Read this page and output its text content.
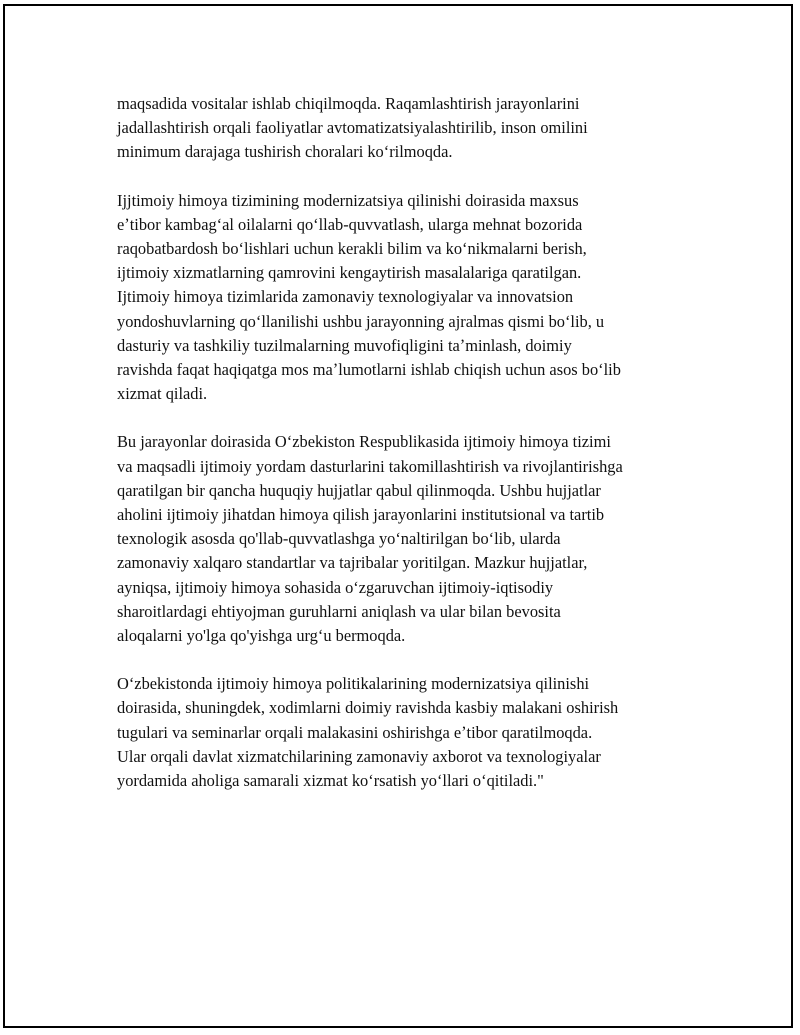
maqsadida vositalar ishlab chiqilmoqda. Raqamlashtirish jarayonlarini
jadallashtirish orqali faoliyatlar avtomatizatsiyalashtirilib, inson omilini
minimum darajaga tushirish choralari koʻrilmoqda.

Ijjtimoiy himoya tizimining modernizatsiya qilinishi doirasida maxsus
eʼtibor kambagʻal oilalarni qoʻllab-quvvatlash, ularga mehnat bozorida
raqobatbardosh boʻlishlari uchun kerakli bilim va koʻnikmalarni berish,
ijtimoiy xizmatlarning qamrovini kengaytirish masalalariga qaratilgan.
Ijtimoiy himoya tizimlarida zamonaviy texnologiyalar va innovatsion
yondoshuvlarning qoʻllanilishi ushbu jarayonning ajralmas qismi boʻlib, u
dasturiy va tashkiliy tuzilmalarning muvofiqligini taʼminlash, doimiy
ravishda faqat haqiqatga mos maʼlumotlarni ishlab chiqish uchun asos boʻlib
xizmat qiladi.

Bu jarayonlar doirasida Oʻzbekiston Respublikasida ijtimoiy himoya tizimi
va maqsadli ijtimoiy yordam dasturlarini takomillashtirish va rivojlantirishga
qaratilgan bir qancha huquqiy hujjatlar qabul qilinmoqda. Ushbu hujjatlar
aholini ijtimoiy jihatdan himoya qilish jarayonlarini institutsional va tartib
texnologik asosda qo'llab-quvvatlashga yoʻnaltirilgan boʻlib, ularda
zamonaviy xalqaro standartlar va tajribalar yoritilgan. Mazkur hujjatlar,
ayniqsa, ijtimoiy himoya sohasida oʻzgaruvchan ijtimoiy-iqtisodiy
sharoitlardagi ehtiyojman guruhlarni aniqlash va ular bilan bevosita
aloqalarni yo'lga qo'yishga urgʻu bermoqda.

Oʻzbekistonda ijtimoiy himoya politikalarining modernizatsiya qilinishi
doirasida, shuningdek, xodimlarni doimiy ravishda kasbiy malakani oshirish
tugulari va seminarlar orqali malakasini oshirishga eʼtibor qaratilmoqda.
Ular orqali davlat xizmatchilarining zamonaviy axborot va texnologiyalar
yordamida aholiga samarali xizmat koʻrsatish yoʻllari oʻqitiladi."
